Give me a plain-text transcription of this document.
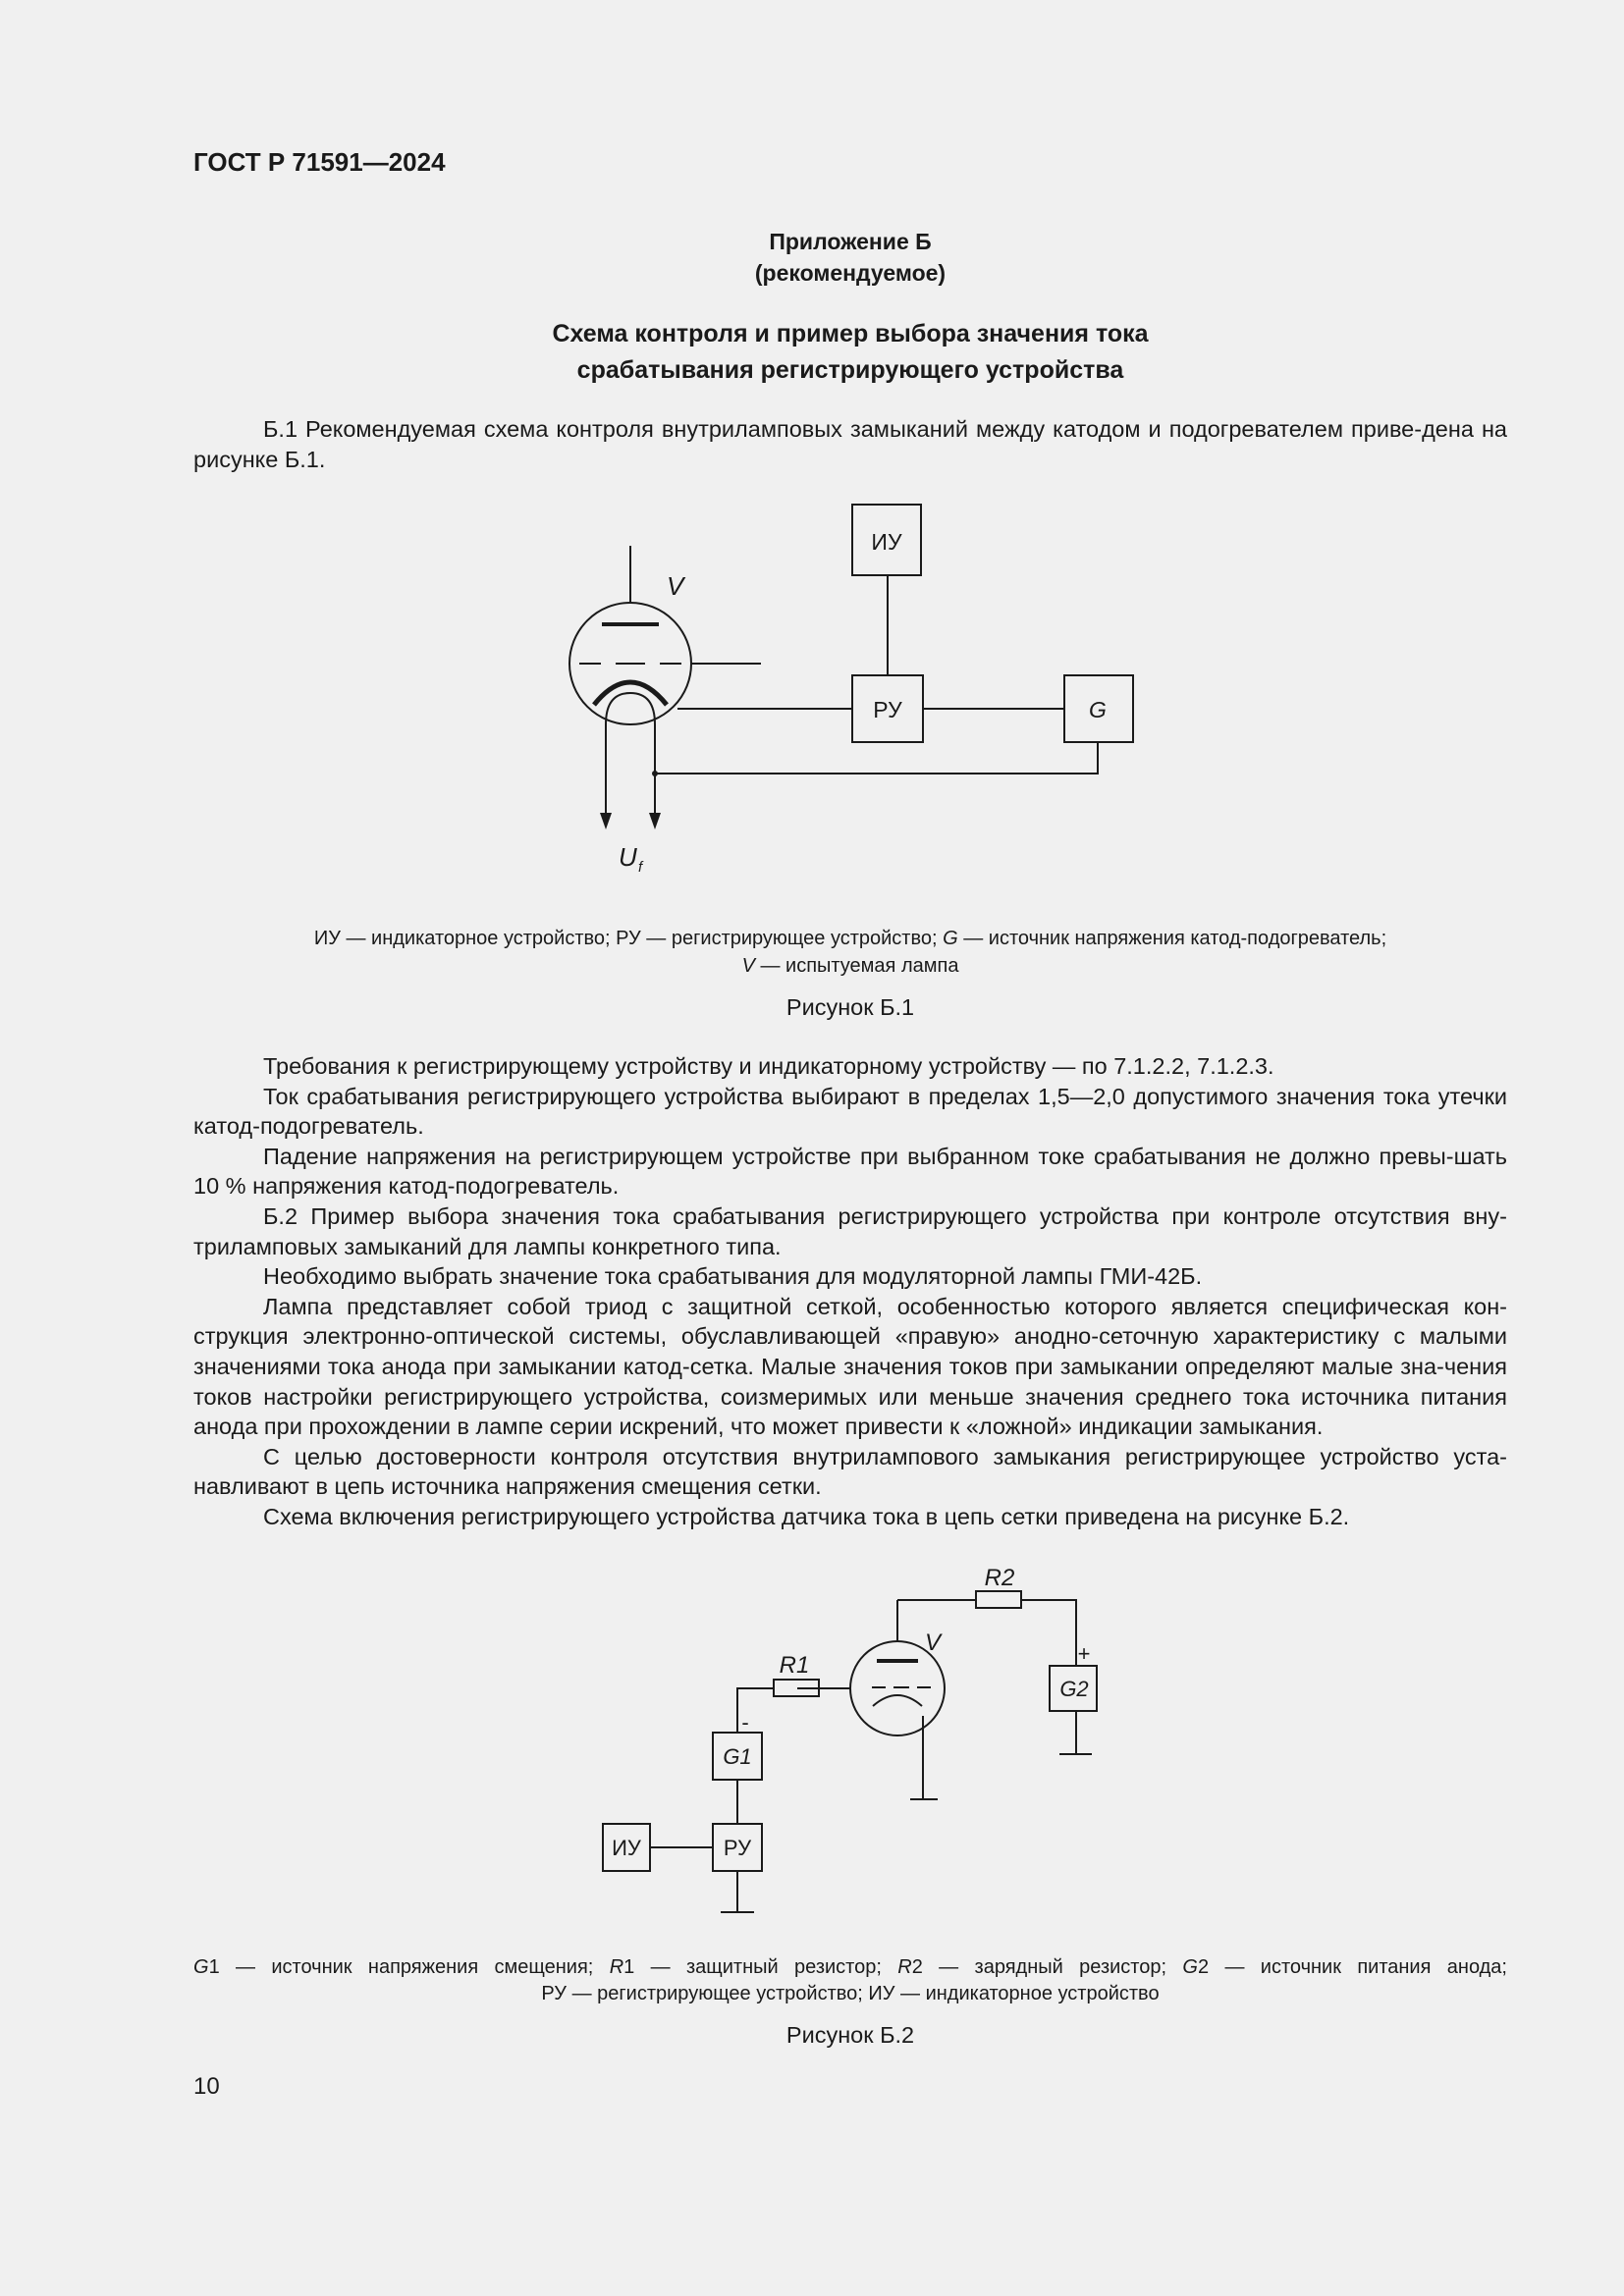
ГОСТ Р 71591—2024
Приложение Б
(рекомендуемое)
Схема контроля и пример выбора значения тока
срабатывания регистрирующего устройства

Б.1 Рекомендуемая схема контроля внутриламповых замыканий между катодом и подогревателем приве-дена на рисунке Б.1.

ИУ
РУ	G
V
U f
ИУ — индикаторное устройство; РУ — регистрирующее устройство; G — источник напряжения катод-подогреватель;
V — испытуемая лампа
Рисунок Б.1

Требования к регистрирующему устройству и индикаторному устройству — по 7.1.2.2, 7.1.2.3.

Ток срабатывания регистрирующего устройства выбирают в пределах 1,5—2,0 допустимого значения тока утечки катод-подогреватель.

Падение напряжения на регистрирующем устройстве при выбранном токе срабатывания не должно превы-шать 10 % напряжения катод-подогреватель.

Б.2 Пример выбора значения тока срабатывания регистрирующего устройства при контроле отсутствия вну-триламповых замыканий для лампы конкретного типа.

Необходимо выбрать значение тока срабатывания для модуляторной лампы ГМИ-42Б.

Лампа представляет собой триод с защитной сеткой, особенностью которого является специфическая кон-струкция электронно-оптической системы, обуславливающей «правую» анодно-сеточную характеристику с малыми значениями тока анода при замыкании катод-сетка. Малые значения токов при замыкании определяют малые зна-чения токов настройки регистрирующего устройства, соизмеримых или меньше значения среднего тока источника питания анода при прохождении в лампе серии искрений, что может привести к «ложной» индикации замыкания.

С целью достоверности контроля отсутствия внутрилампового замыкания регистрирующее устройство уста-навливают в цепь источника напряжения смещения сетки.

Схема включения регистрирующего устройства датчика тока в цепь сетки приведена на рисунке Б.2.

R2
R1
V
G1
G2
РУ
ИУ
+
-
G1 — источник напряжения смещения; R1 — защитный резистор; R2 — зарядный резистор; G2 — источник питания анода;
РУ — регистрирующее устройство; ИУ — индикаторное устройство
Рисунок Б.2
10
